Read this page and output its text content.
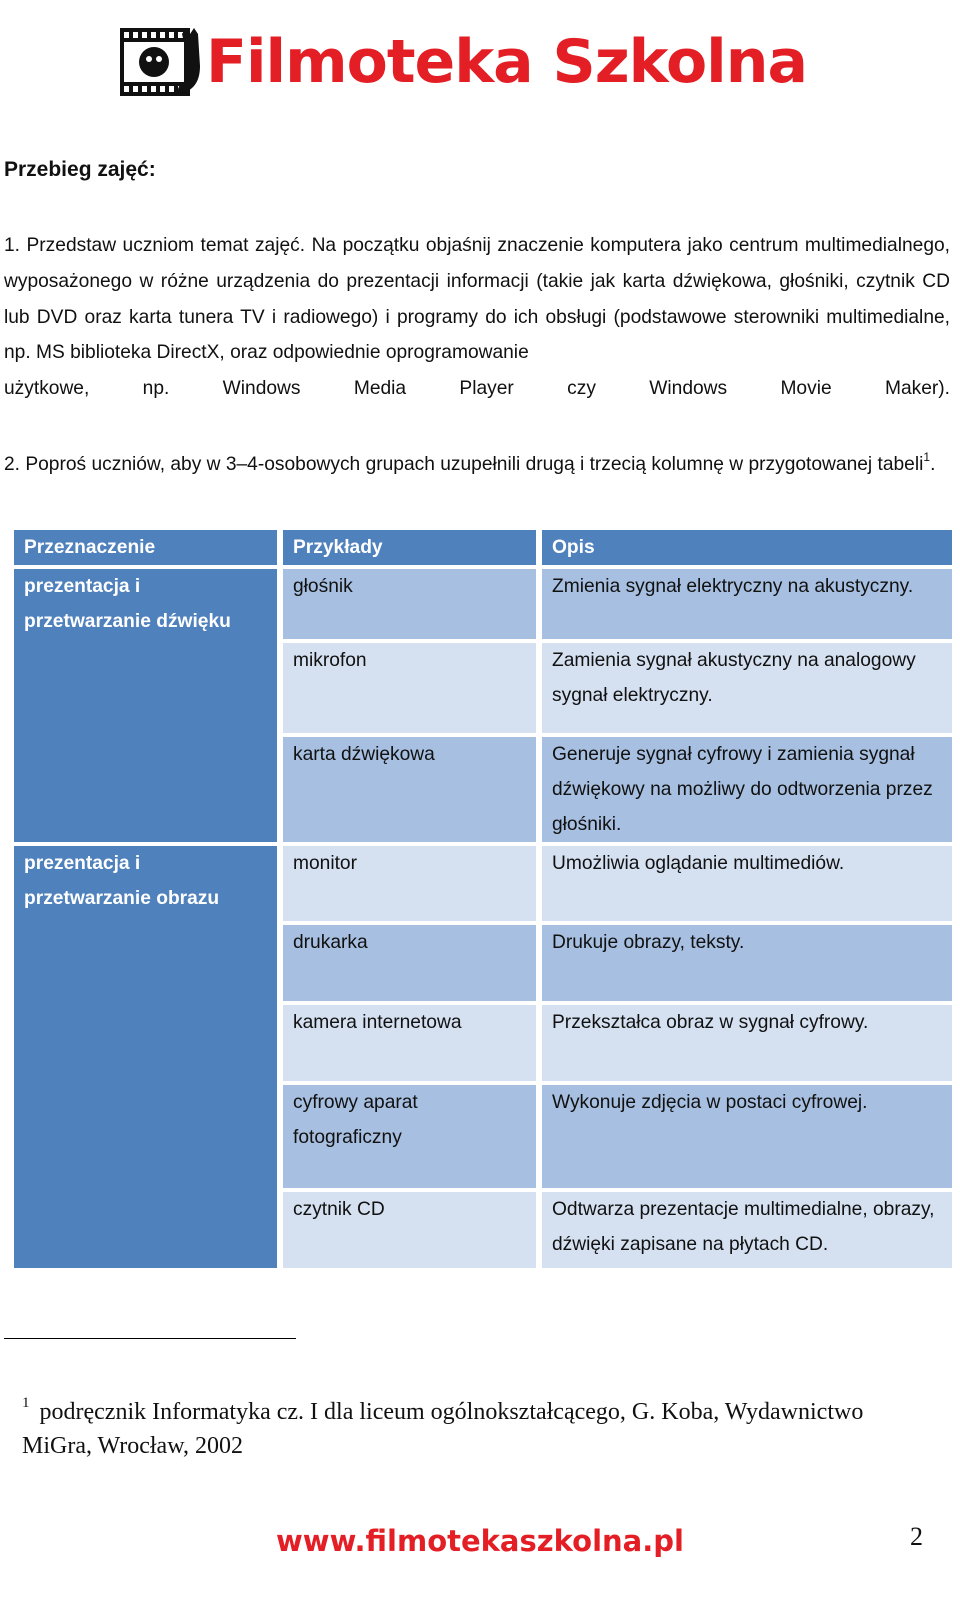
Filmoteka Szkolna
Przebieg zajęć:
1. Przedstaw uczniom temat zajęć. Na początku objaśnij znaczenie komputera jako centrum multimedialnego, wyposażonego w różne urządzenia do prezentacji informacji (takie jak karta dźwiękowa, głośniki, czytnik CD lub DVD oraz karta tunera TV i radiowego) i programy do ich obsługi (podstawowe sterowniki multimedialne, np. MS biblioteka DirectX, oraz odpowiednie oprogramowanie
użytkowe, np. Windows Media Player czy Windows Movie Maker).
2. Poproś uczniów, aby w 3–4-osobowych grupach uzupełnili drugą i trzecią kolumnę w przygotowanej tabeli$^1$.
Przeznaczenie	Przykłady	Opis
prezentacja i przetwarzanie dźwięku	głośnik	Zmienia sygnał elektryczny na akustyczny.
	mikrofon	Zamienia sygnał akustyczny na analogowy sygnał elektryczny.
	karta dźwiękowa	Generuje sygnał cyfrowy i zamienia sygnał dźwiękowy na możliwy do odtworzenia przez głośniki.
prezentacja i przetwarzanie obrazu	monitor	Umożliwia oglądanie multimediów.
	drukarka	Drukuje obrazy, teksty.
	kamera internetowa	Przekształca obraz w sygnał cyfrowy.
	cyfrowy aparat fotograficzny	Wykonuje zdjęcia w postaci cyfrowej.
	czytnik CD	Odtwarza prezentacje multimedialne, obrazy, dźwięki zapisane na płytach CD.
$^1$ podręcznik Informatyka cz. I dla liceum ogólnokształcącego, G. Koba, Wydawnictwo MiGra, Wrocław, 2002
www.filmotekaszkolna.pl	2
